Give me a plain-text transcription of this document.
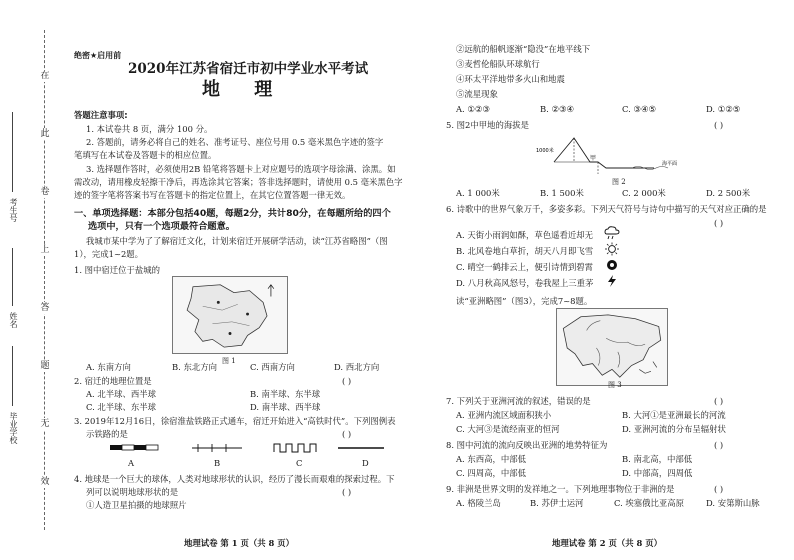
在
此
卷
上
答
题
无
效
考生号
姓名
毕业学校
绝密★启用前
2020年江苏省宿迁市初中学业水平考试
地 理
答题注意事项:
1. 本试卷共 8 页，满分 100 分。
2. 答题前，请务必将自己的姓名、准考证号、座位号用 0.5 毫米黑色字迹的签字
笔填写在本试卷及答题卡的相应位置。
3. 选择题作答时，必须使用2B 铅笔将答题卡上对应题号的选项字母涂满、涂黑。如
需改动，请用橡皮轻擦干净后，再选涂其它答案；答非选择题时，请使用 0.5 毫米黑色字
迹的签字笔将答案书写在答题卡的指定位置上，在其它位置答题一律无效。
一、单项选择题：本部分包括40题，每题2分，共计80分，在每题所给的四个
选项中，只有一个选项最符合题意。
我城市某中学为了了解宿迁文化，计划来宿迁开展研学活动，读“江苏省略图”（图
1），完成1~2题。
1. 图中宿迁位于盐城的
图 1
A. 东南方向	B. 东北方向	C. 西南方向	D. 西北方向
2. 宿迁的地理位置是	( )
A. 北半球、西半球	B. 南半球、东半球
C. 北半球、东半球	D. 南半球、西半球
3. 2019年12月16日，徐宿淮盐铁路正式通车，宿迁开始进入“高铁时代”。下列图例表
示铁路的是	( )
A	B	C	D
4. 地球是一个巨大的球体，人类对地球形状的认识，经历了漫长而艰难的探索过程。下
列可以说明地球形状的是	( )
①人造卫星拍摄的地球照片
地理试卷 第 1 页（共 8 页）
②远航的船帆逐渐“隐没”在地平线下
③麦哲伦船队环球航行
④环太平洋地带多火山和地震
⑤流星现象
A. ①②③	B. ②③④	C. ③④⑤	D. ①②⑤
5. 图2中甲地的海拔是	( )
1000米
甲
海平面
图 2
A. 1 000米	B. 1 500米	C. 2 000米	D. 2 500米
6. 诗歌中的世界气象万千，多姿多彩。下列天气符号与诗句中描写的天气对应正确的是
( )
A. 天街小雨润如酥，草色遥看近却无
B. 北风卷地白草折，胡天八月即飞雪
C. 晴空一鹤排云上，便引诗情到碧霄
D. 八月秋高风怒号，卷我屋上三重茅
读“亚洲略图”（图3），完成7~8题。
图 3
7. 下列关于亚洲河流的叙述，错误的是	( )
A. 亚洲内流区域面积狭小	B. 大河①是亚洲最长的河流
C. 大河③是流经南亚的恒河	D. 亚洲河流的分布呈辐射状
8. 图中河流的流向反映出亚洲的地势特征为	( )
A. 东西高，中部低	B. 南北高，中部低
C. 四周高，中部低	D. 中部高，四周低
9. 非洲是世界文明的发祥地之一。下列地理事物位于非洲的是	( )
A. 格陵兰岛	B. 苏伊士运河	C. 埃塞俄比亚高原	D. 安第斯山脉
地理试卷 第 2 页（共 8 页）
